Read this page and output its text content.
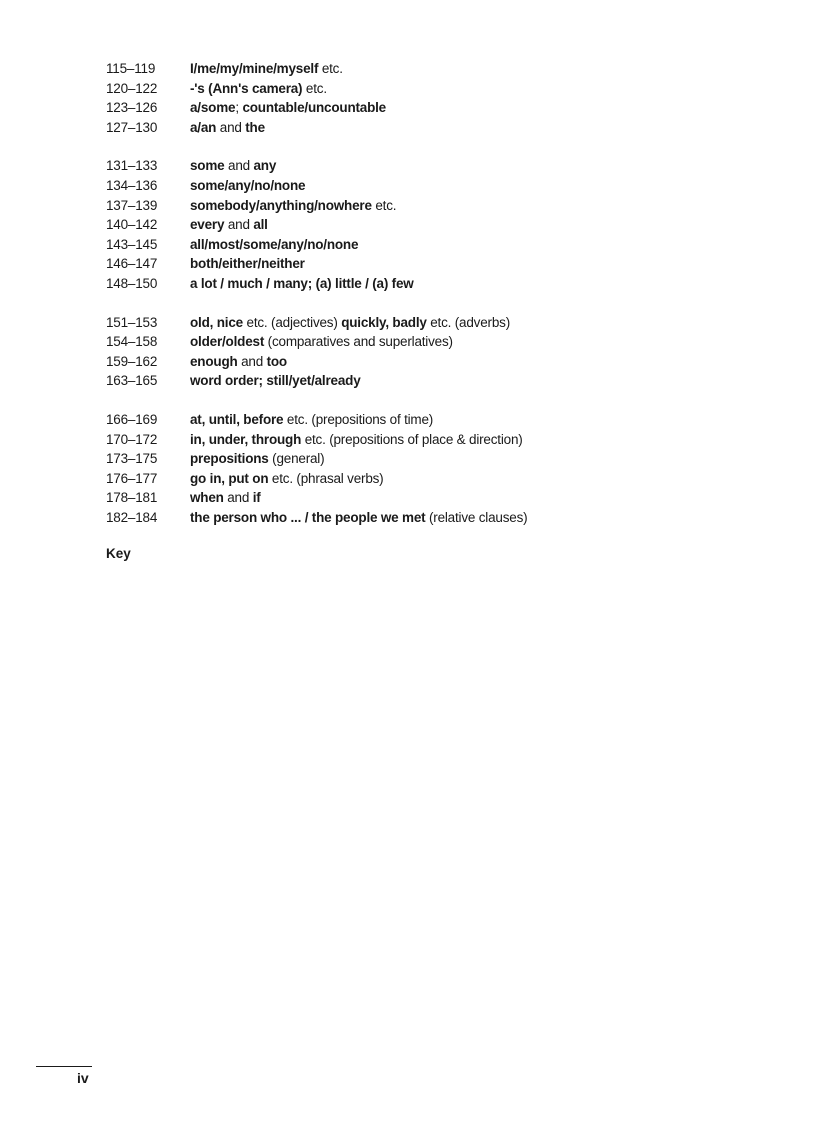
115–119	I/me/my/mine/myself etc.
120–122	-'s (Ann's camera) etc.
123–126	a/some; countable/uncountable
127–130	a/an and the
131–133	some and any
134–136	some/any/no/none
137–139	somebody/anything/nowhere etc.
140–142	every and all
143–145	all/most/some/any/no/none
146–147	both/either/neither
148–150	a lot / much / many; (a) little / (a) few
151–153	old, nice etc. (adjectives) quickly, badly etc. (adverbs)
154–158	older/oldest (comparatives and superlatives)
159–162	enough and too
163–165	word order; still/yet/already
166–169	at, until, before etc. (prepositions of time)
170–172	in, under, through etc. (prepositions of place & direction)
173–175	prepositions (general)
176–177	go in, put on etc. (phrasal verbs)
178–181	when and if
182–184	the person who ... / the people we met (relative clauses)
Key
iv
